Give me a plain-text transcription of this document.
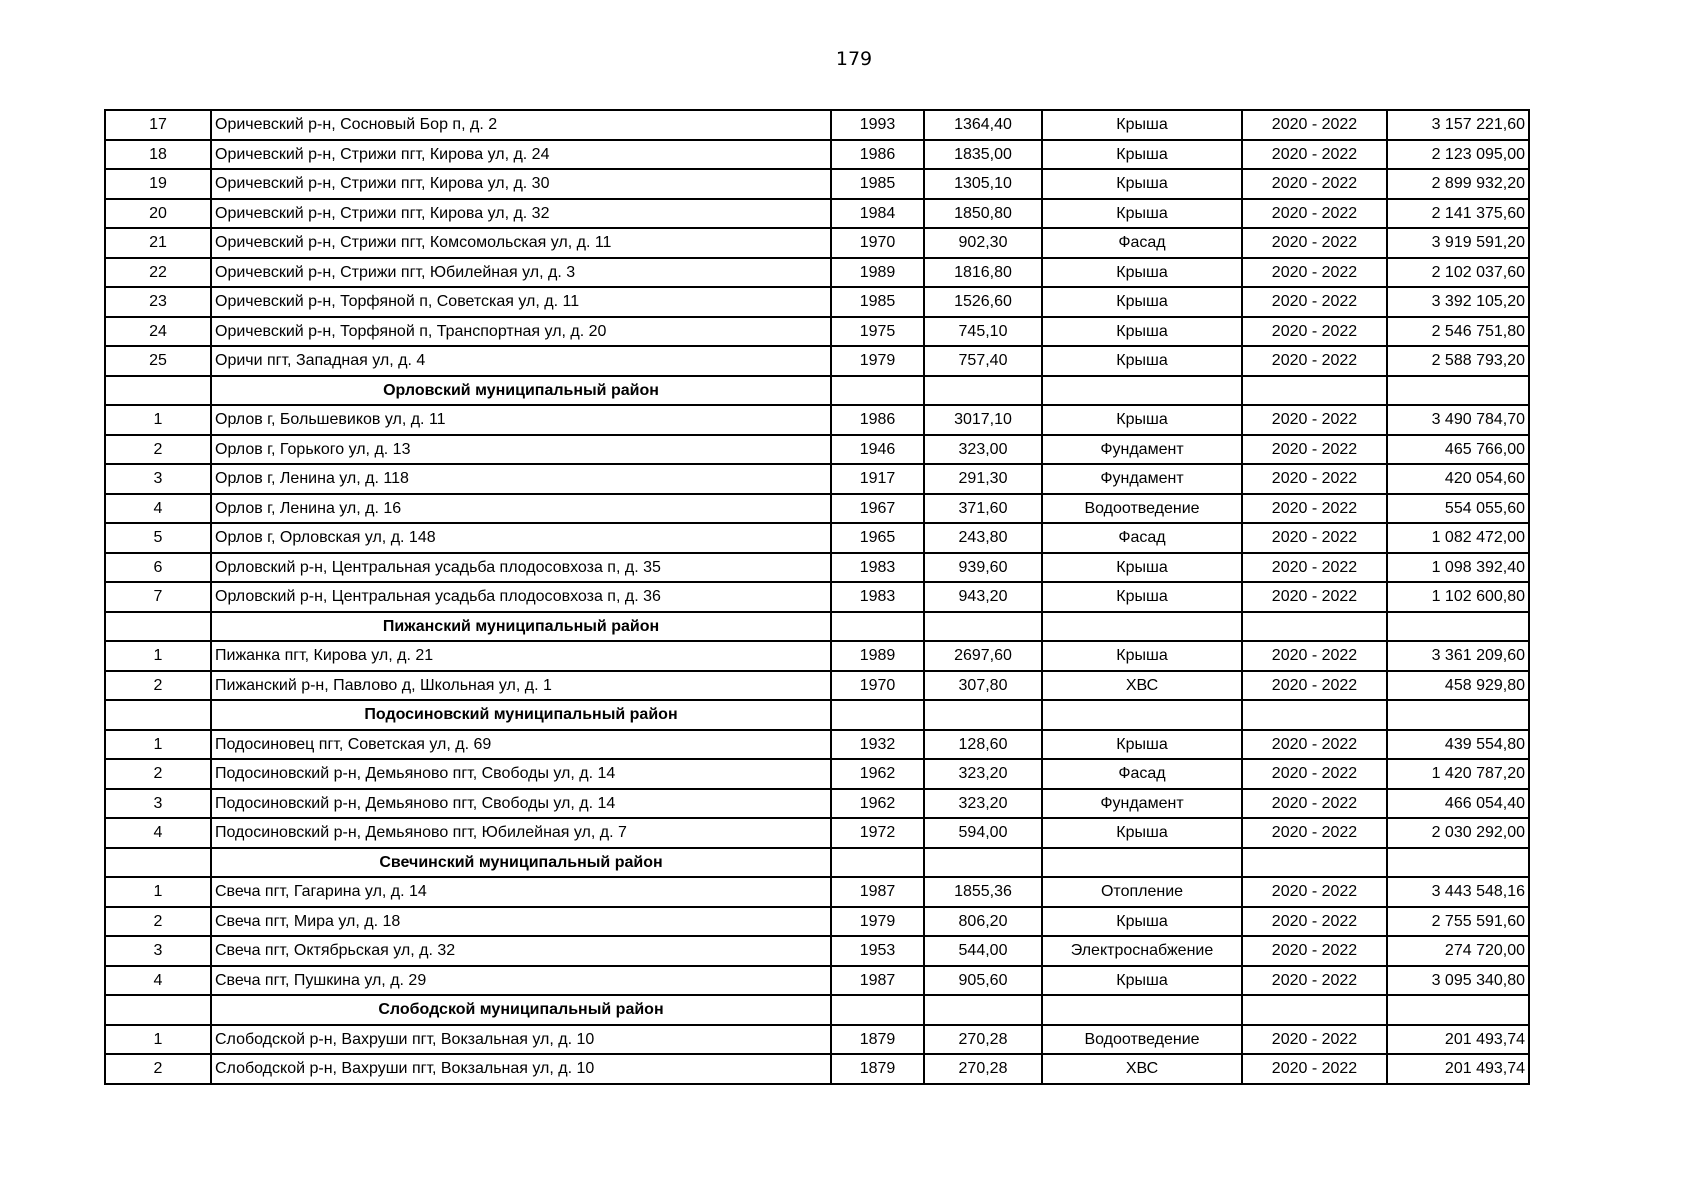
179
17	Оричевский р-н, Сосновый Бор п, д. 2	1993	1364,40	Крыша	2020 - 2022	3 157 221,60
18	Оричевский р-н, Стрижи пгт, Кирова ул, д. 24	1986	1835,00	Крыша	2020 - 2022	2 123 095,00
19	Оричевский р-н, Стрижи пгт, Кирова ул, д. 30	1985	1305,10	Крыша	2020 - 2022	2 899 932,20
20	Оричевский р-н, Стрижи пгт, Кирова ул, д. 32	1984	1850,80	Крыша	2020 - 2022	2 141 375,60
21	Оричевский р-н, Стрижи пгт, Комсомольская ул, д. 11	1970	902,30	Фасад	2020 - 2022	3 919 591,20
22	Оричевский р-н, Стрижи пгт, Юбилейная ул, д. 3	1989	1816,80	Крыша	2020 - 2022	2 102 037,60
23	Оричевский р-н, Торфяной п, Советская ул, д. 11	1985	1526,60	Крыша	2020 - 2022	3 392 105,20
24	Оричевский р-н, Торфяной п, Транспортная ул, д. 20	1975	745,10	Крыша	2020 - 2022	2 546 751,80
25	Оричи пгт, Западная ул, д. 4	1979	757,40	Крыша	2020 - 2022	2 588 793,20
	Орловский муниципальный район					
1	Орлов г, Большевиков ул, д. 11	1986	3017,10	Крыша	2020 - 2022	3 490 784,70
2	Орлов г, Горького ул, д. 13	1946	323,00	Фундамент	2020 - 2022	465 766,00
3	Орлов г, Ленина ул, д. 118	1917	291,30	Фундамент	2020 - 2022	420 054,60
4	Орлов г, Ленина ул, д. 16	1967	371,60	Водоотведение	2020 - 2022	554 055,60
5	Орлов г, Орловская ул, д. 148	1965	243,80	Фасад	2020 - 2022	1 082 472,00
6	Орловский р-н, Центральная усадьба плодосовхоза п, д. 35	1983	939,60	Крыша	2020 - 2022	1 098 392,40
7	Орловский р-н, Центральная усадьба плодосовхоза п, д. 36	1983	943,20	Крыша	2020 - 2022	1 102 600,80
	Пижанский муниципальный район					
1	Пижанка пгт, Кирова ул, д. 21	1989	2697,60	Крыша	2020 - 2022	3 361 209,60
2	Пижанский р-н, Павлово д, Школьная ул, д. 1	1970	307,80	ХВС	2020 - 2022	458 929,80
	Подосиновский муниципальный район					
1	Подосиновец пгт, Советская ул, д. 69	1932	128,60	Крыша	2020 - 2022	439 554,80
2	Подосиновский р-н, Демьяново пгт, Свободы ул, д. 14	1962	323,20	Фасад	2020 - 2022	1 420 787,20
3	Подосиновский р-н, Демьяново пгт, Свободы ул, д. 14	1962	323,20	Фундамент	2020 - 2022	466 054,40
4	Подосиновский р-н, Демьяново пгт, Юбилейная ул, д. 7	1972	594,00	Крыша	2020 - 2022	2 030 292,00
	Свечинский муниципальный район					
1	Свеча пгт, Гагарина ул, д. 14	1987	1855,36	Отопление	2020 - 2022	3 443 548,16
2	Свеча пгт, Мира ул, д. 18	1979	806,20	Крыша	2020 - 2022	2 755 591,60
3	Свеча пгт, Октябрьская ул, д. 32	1953	544,00	Электроснабжение	2020 - 2022	274 720,00
4	Свеча пгт, Пушкина ул, д. 29	1987	905,60	Крыша	2020 - 2022	3 095 340,80
	Слободской муниципальный район					
1	Слободской р-н, Вахруши пгт, Вокзальная ул, д. 10	1879	270,28	Водоотведение	2020 - 2022	201 493,74
2	Слободской р-н, Вахруши пгт, Вокзальная ул, д. 10	1879	270,28	ХВС	2020 - 2022	201 493,74
